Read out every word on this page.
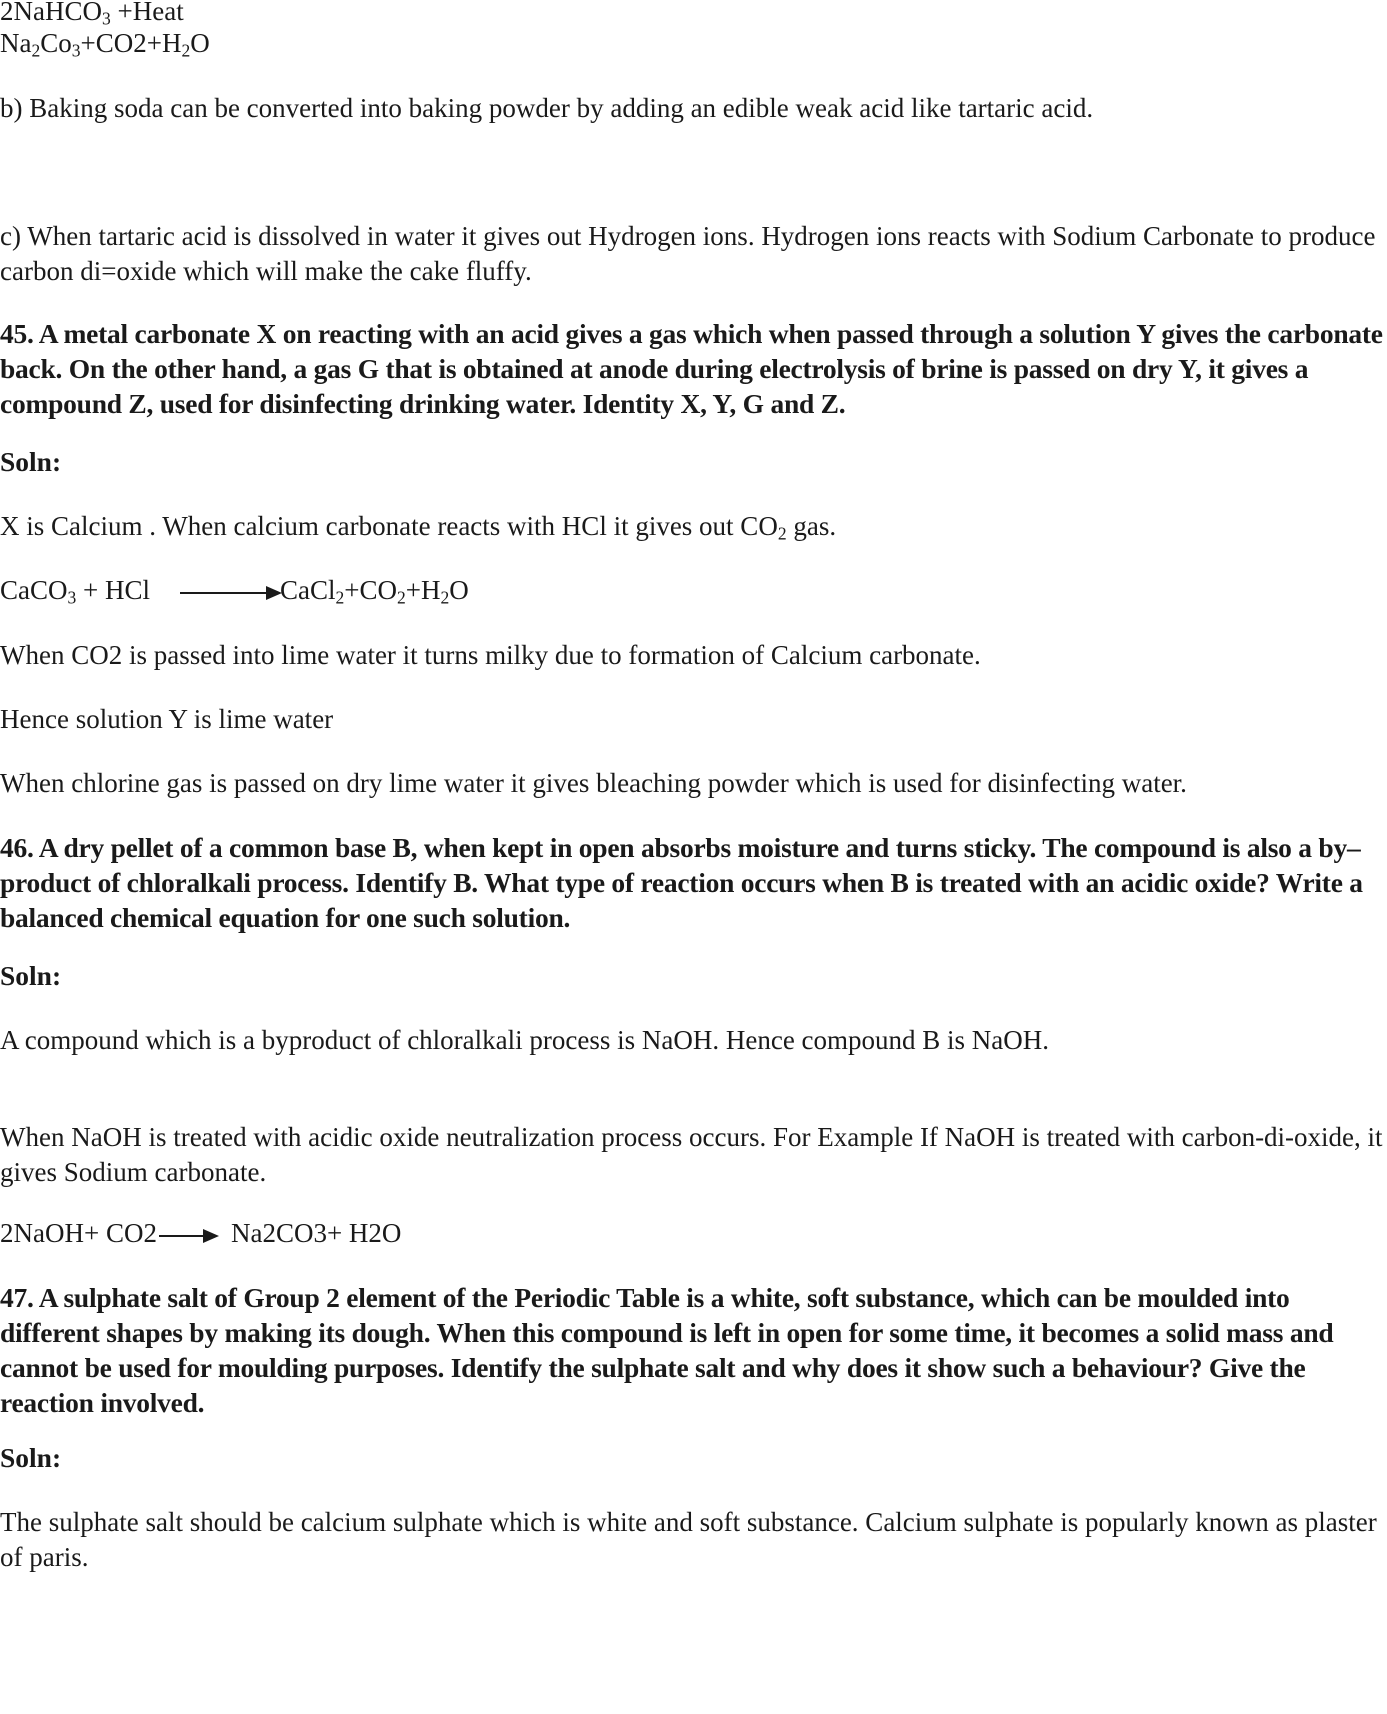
2NaHCO$_3$ +Heat
$Na_2Co_3+CO2+H_2O$
b) Baking soda can be converted into baking powder by adding an edible weak acid like tartaric acid.
c) When tartaric acid is dissolved in water it gives out Hydrogen ions. Hydrogen ions reacts with Sodium Carbonate to produce carbon di=oxide which will make the cake fluffy.
45. A metal carbonate X on reacting with an acid gives a gas which when passed through a solution Y gives the carbonate back. On the other hand, a gas G that is obtained at anode during electrolysis of brine is passed on dry Y, it gives a compound Z, used for disinfecting drinking water. Identity X, Y, G and Z.
Soln:
X is Calcium . When calcium carbonate reacts with HCl it gives out $CO_2$ gas.
CaCO$_3$ + HCl	$CaCl_2+CO_2+H_2O$
When CO2 is passed into lime water it turns milky due to formation of Calcium carbonate.
Hence solution Y is lime water
When chlorine gas is passed on dry lime water it gives bleaching powder which is used for disinfecting water.
46. A dry pellet of a common base B, when kept in open absorbs moisture and turns sticky. The compound is also a by–product of chloralkali process. Identify B. What type of reaction occurs when B is treated with an acidic oxide? Write a balanced chemical equation for one such solution.
Soln:
A compound which is a byproduct of chloralkali process is NaOH. Hence compound B is NaOH.
When NaOH is treated with acidic oxide neutralization process occurs. For Example If NaOH is treated with carbon-di-oxide, it gives Sodium carbonate.
2NaOH+ CO2	Na2CO3+ H2O
47. A sulphate salt of Group 2 element of the Periodic Table is a white, soft substance, which can be moulded into different shapes by making its dough. When this compound is left in open for some time, it becomes a solid mass and cannot be used for moulding purposes. Identify the sulphate salt and why does it show such a behaviour? Give the reaction involved.
Soln:
The sulphate salt should be calcium sulphate which is white and soft substance. Calcium sulphate is popularly known as plaster of paris.
